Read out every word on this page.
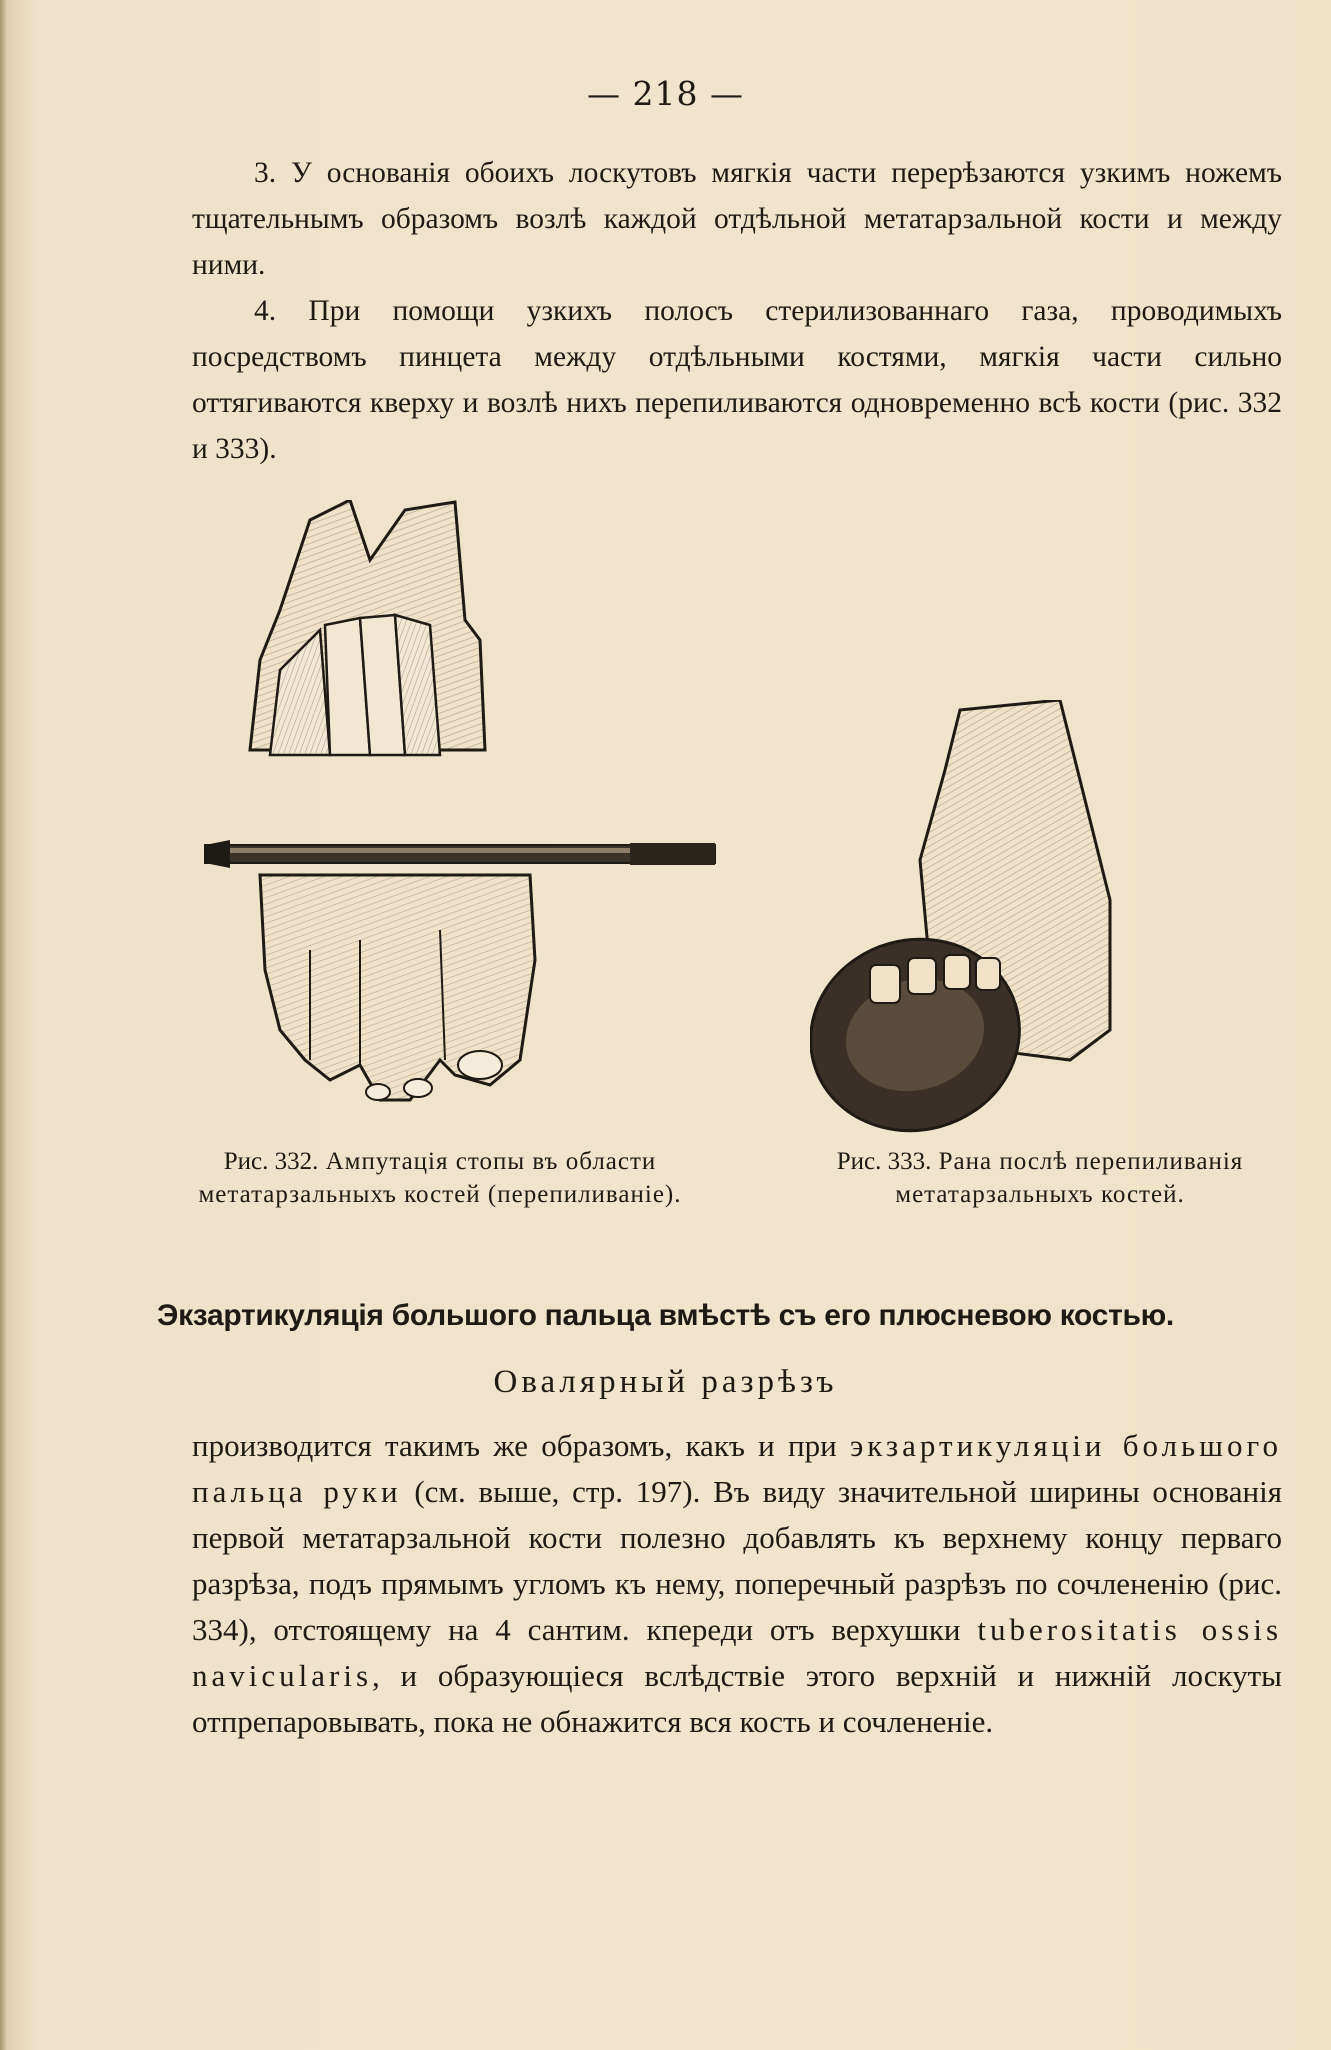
— 218 —
3. У основанія обоихъ лоскутовъ мягкія части перерѣзаются узкимъ ножемъ тщательнымъ образомъ возлѣ каждой отдѣльной метатарзальной кости и между ними.
4. При помощи узкихъ полосъ стерилизованнаго газа, проводимыхъ посредствомъ пинцета между отдѣльными костями, мягкія части сильно оттягиваются кверху и возлѣ нихъ перепиливаются одновременно всѣ кости (рис. 332 и 333).
Рис. 332. Ампутація стопы въ области метатарзальныхъ костей (перепиливаніе).
Рис. 333. Рана послѣ перепиливанія метатарзальныхъ костей.
Экзартикуляція большого пальца вмѣстѣ съ его плюсневою костью.
Овалярный разрѣзъ
производится такимъ же образомъ, какъ и при экзартикуляціи большого пальца руки (см. выше, стр. 197). Въ виду значительной ширины основанія первой метатарзальной кости полезно добавлять къ верхнему концу перваго разрѣза, подъ прямымъ угломъ къ нему, поперечный разрѣзъ по сочлененію (рис. 334), отстоящему на 4 сантим. кпереди отъ верхушки tuberositatis ossis navicularis, и образующіеся вслѣдствіе этого верхній и нижній лоскуты отпрепаровывать, пока не обнажится вся кость и сочлененіе.
